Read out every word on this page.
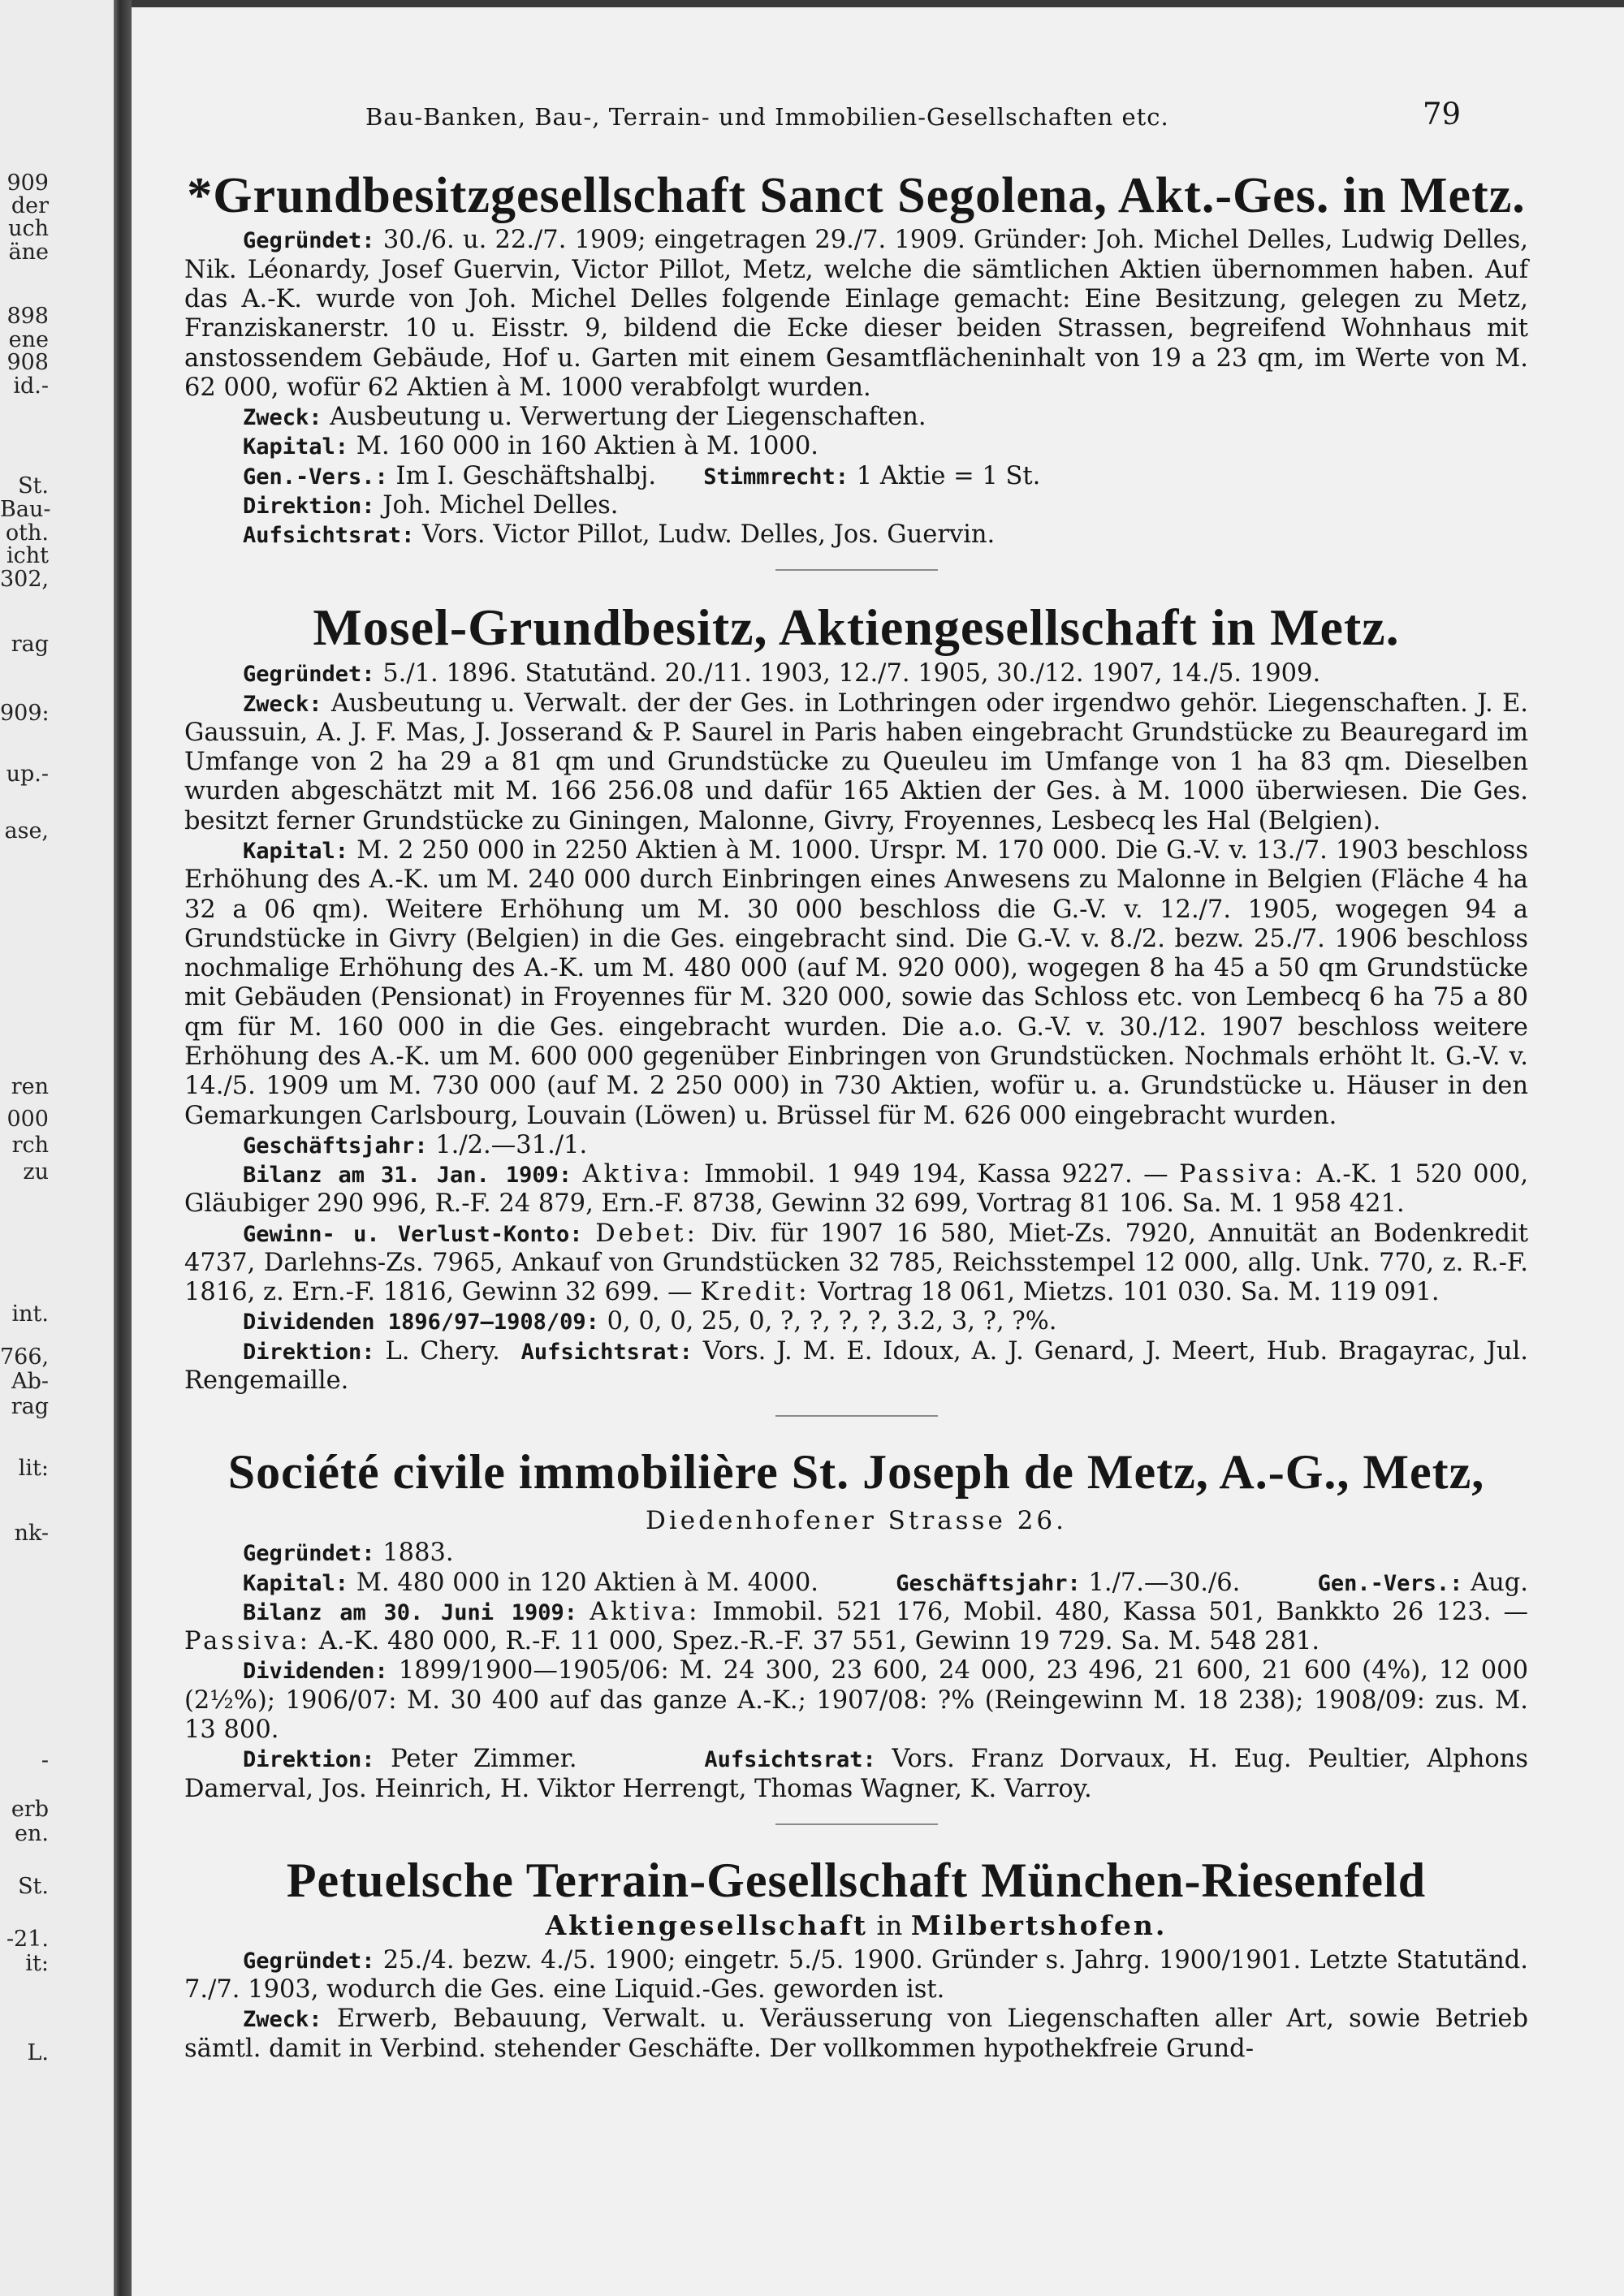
909
der
uch
äne
898
ene
908
id.-
St.
Bau-
oth.
icht
302,
rag
909:
up.-
ase,
ren
000
rch
zu
int.
766,
Ab-
rag
lit:
nk-
-
erb
en.
St.
-21.
it:
L.
Bau-Banken, Bau-, Terrain- und Immobilien-Gesellschaften etc.	79
*Grundbesitzgesellschaft Sanct Segolena, Akt.-Ges. in Metz.

Gegründet: 30./6. u. 22./7. 1909; eingetragen 29./7. 1909. Gründer: Joh. Michel Delles, Ludwig Delles, Nik. Léonardy, Josef Guervin, Victor Pillot, Metz, welche die sämtlichen Aktien übernommen haben. Auf das A.-K. wurde von Joh. Michel Delles folgende Einlage gemacht: Eine Besitzung, gelegen zu Metz, Franziskanerstr. 10 u. Eisstr. 9, bildend die Ecke dieser beiden Strassen, begreifend Wohnhaus mit anstossendem Gebäude, Hof u. Garten mit einem Gesamtflächeninhalt von 19 a 23 qm, im Werte von M. 62 000, wofür 62 Aktien à M. 1000 verabfolgt wurden.

Zweck: Ausbeutung u. Verwertung der Liegenschaften.

Kapital: M. 160 000 in 160 Aktien à M. 1000.

Gen.-Vers.: Im I. Geschäftshalbj. Stimmrecht: 1 Aktie = 1 St.

Direktion: Joh. Michel Delles.

Aufsichtsrat: Vors. Victor Pillot, Ludw. Delles, Jos. Guervin.

Mosel-Grundbesitz, Aktiengesellschaft in Metz.

Gegründet: 5./1. 1896. Statutänd. 20./11. 1903, 12./7. 1905, 30./12. 1907, 14./5. 1909.

Zweck: Ausbeutung u. Verwalt. der der Ges. in Lothringen oder irgendwo gehör. Liegenschaften. J. E. Gaussuin, A. J. F. Mas, J. Josserand & P. Saurel in Paris haben eingebracht Grundstücke zu Beauregard im Umfange von 2 ha 29 a 81 qm und Grundstücke zu Queuleu im Umfange von 1 ha 83 qm. Dieselben wurden abgeschätzt mit M. 166 256.08 und dafür 165 Aktien der Ges. à M. 1000 überwiesen. Die Ges. besitzt ferner Grundstücke zu Giningen, Malonne, Givry, Froyennes, Lesbecq les Hal (Belgien).

Kapital: M. 2 250 000 in 2250 Aktien à M. 1000. Urspr. M. 170 000. Die G.-V. v. 13./7. 1903 beschloss Erhöhung des A.-K. um M. 240 000 durch Einbringen eines Anwesens zu Malonne in Belgien (Fläche 4 ha 32 a 06 qm). Weitere Erhöhung um M. 30 000 beschloss die G.-V. v. 12./7. 1905, wogegen 94 a Grundstücke in Givry (Belgien) in die Ges. eingebracht sind. Die G.-V. v. 8./2. bezw. 25./7. 1906 beschloss nochmalige Erhöhung des A.-K. um M. 480 000 (auf M. 920 000), wogegen 8 ha 45 a 50 qm Grundstücke mit Gebäuden (Pensionat) in Froyennes für M. 320 000, sowie das Schloss etc. von Lembecq 6 ha 75 a 80 qm für M. 160 000 in die Ges. eingebracht wurden. Die a.o. G.-V. v. 30./12. 1907 beschloss weitere Erhöhung des A.-K. um M. 600 000 gegenüber Einbringen von Grundstücken. Nochmals erhöht lt. G.-V. v. 14./5. 1909 um M. 730 000 (auf M. 2 250 000) in 730 Aktien, wofür u. a. Grundstücke u. Häuser in den Gemarkungen Carlsbourg, Louvain (Löwen) u. Brüssel für M. 626 000 eingebracht wurden.

Geschäftsjahr: 1./2.—31./1.

Bilanz am 31. Jan. 1909: Aktiva: Immobil. 1 949 194, Kassa 9227. — Passiva: A.-K. 1 520 000, Gläubiger 290 996, R.-F. 24 879, Ern.-F. 8738, Gewinn 32 699, Vortrag 81 106. Sa. M. 1 958 421.

Gewinn- u. Verlust-Konto: Debet: Div. für 1907 16 580, Miet-Zs. 7920, Annuität an Bodenkredit 4737, Darlehns-Zs. 7965, Ankauf von Grundstücken 32 785, Reichsstempel 12 000, allg. Unk. 770, z. R.-F. 1816, z. Ern.-F. 1816, Gewinn 32 699. — Kredit: Vortrag 18 061, Mietzs. 101 030. Sa. M. 119 091.

Dividenden 1896/97—1908/09: 0, 0, 0, 25, 0, ?, ?, ?, ?, 3.2, 3, ?, ?%.

Direktion: L. Chery. Aufsichtsrat: Vors. J. M. E. Idoux, A. J. Genard, J. Meert, Hub. Bragayrac, Jul. Rengemaille.

Société civile immobilière St. Joseph de Metz, A.-G., Metz,
Diedenhofener Strasse 26.

Gegründet: 1883.

Kapital: M. 480 000 in 120 Aktien à M. 4000.	Geschäftsjahr: 1./7.—30./6.	Gen.-Vers.: Aug.

Bilanz am 30. Juni 1909: Aktiva: Immobil. 521 176, Mobil. 480, Kassa 501, Bankkto 26 123. — Passiva: A.-K. 480 000, R.-F. 11 000, Spez.-R.-F. 37 551, Gewinn 19 729. Sa. M. 548 281.

Dividenden: 1899/1900—1905/06: M. 24 300, 23 600, 24 000, 23 496, 21 600, 21 600 (4%), 12 000 (2½%); 1906/07: M. 30 400 auf das ganze A.-K.; 1907/08: ?% (Reingewinn M. 18 238); 1908/09: zus. M. 13 800.

Direktion: Peter Zimmer.	Aufsichtsrat: Vors. Franz Dorvaux, H. Eug. Peultier, Alphons Damerval, Jos. Heinrich, H. Viktor Herrengt, Thomas Wagner, K. Varroy.

Petuelsche Terrain-Gesellschaft München-Riesenfeld
Aktiengesellschaft in Milbertshofen.

Gegründet: 25./4. bezw. 4./5. 1900; eingetr. 5./5. 1900. Gründer s. Jahrg. 1900/1901. Letzte Statutänd. 7./7. 1903, wodurch die Ges. eine Liquid.-Ges. geworden ist.

Zweck: Erwerb, Bebauung, Verwalt. u. Veräusserung von Liegenschaften aller Art, sowie Betrieb sämtl. damit in Verbind. stehender Geschäfte. Der vollkommen hypothekfreie Grund-
